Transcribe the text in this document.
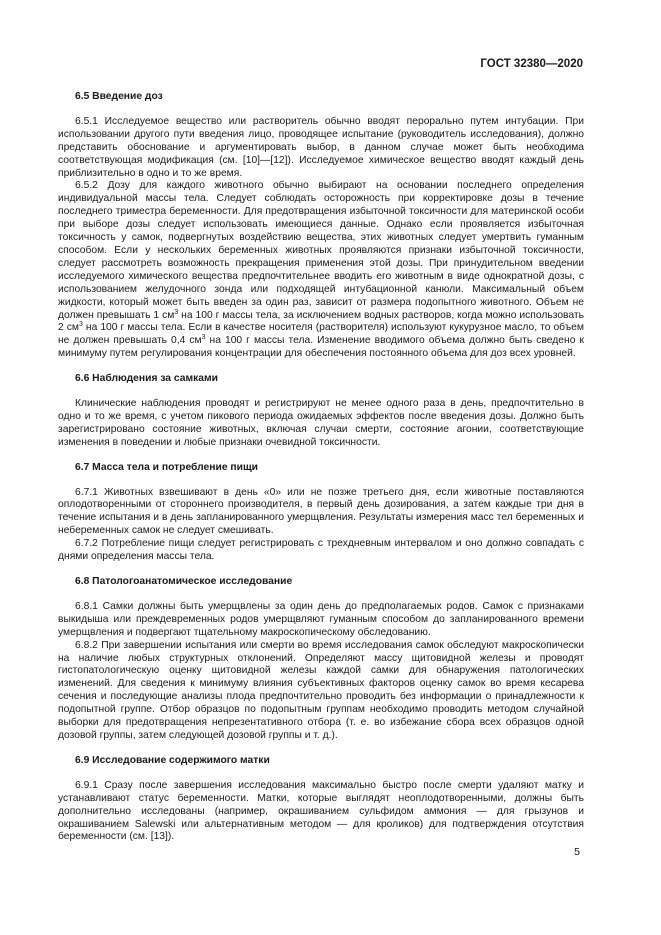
ГОСТ 32380—2020
6.5 Введение доз

6.5.1 Исследуемое вещество или растворитель обычно вводят перорально путем интубации. При использовании другого пути введения лицо, проводящее испытание (руководитель исследования), должно представить обоснование и аргументировать выбор, в данном случае может быть необходима соответствующая модификация (см. [10]—[12]). Исследуемое химическое вещество вводят каждый день приблизительно в одно и то же время.

6.5.2 Дозу для каждого животного обычно выбирают на основании последнего определения индивидуальной массы тела. Следует соблюдать осторожность при корректировке дозы в течение последнего триместра беременности. Для предотвращения избыточной токсичности для материнской особи при выборе дозы следует использовать имеющиеся данные. Однако если проявляется избыточная токсичность у самок, подвергнутых воздействию вещества, этих животных следует умертвить гуманным способом. Если у нескольких беременных животных проявляются признаки избыточной токсичности, следует рассмотреть возможность прекращения применения этой дозы. При принудительном введении исследуемого химического вещества предпочтительнее вводить его животным в виде однократной дозы, с использованием желудочного зонда или подходящей интубационной канюли. Максимальный объем жидкости, который может быть введен за один раз, зависит от размера подопытного животного. Объем не должен превышать 1 $см^3$ на 100 г массы тела, за исключением водных растворов, когда можно использовать 2 $см^3$ на 100 г массы тела. Если в качестве носителя (растворителя) используют кукурузное масло, то объем не должен превышать 0,4 $см^3$ на 100 г массы тела. Изменение вводимого объема должно быть сведено к минимуму путем регулирования концентрации для обеспечения постоянного объема для доз всех уровней.

6.6 Наблюдения за самками

Клинические наблюдения проводят и регистрируют не менее одного раза в день, предпочтительно в одно и то же время, с учетом пикового периода ожидаемых эффектов после введения дозы. Должно быть зарегистрировано состояние животных, включая случаи смерти, состояние агонии, соответствующие изменения в поведении и любые признаки очевидной токсичности.

6.7 Масса тела и потребление пищи

6.7.1 Животных взвешивают в день «0» или не позже третьего дня, если животные поставляются оплодотворенными от стороннего производителя, в первый день дозирования, а затем каждые три дня в течение испытания и в день запланированного умерщвления. Результаты измерения масс тел беременных и небеременных самок не следует смешивать.

6.7.2 Потребление пищи следует регистрировать с трехдневным интервалом и оно должно совпадать с днями определения массы тела.

6.8 Патологоанатомическое исследование

6.8.1 Самки должны быть умерщвлены за один день до предполагаемых родов. Самок с признаками выкидыша или преждевременных родов умерщвляют гуманным способом до запланированного времени умерщвления и подвергают тщательному макроскопическому обследованию.

6.8.2 При завершении испытания или смерти во время исследования самок обследуют макроскопически на наличие любых структурных отклонений. Определяют массу щитовидной железы и проводят гистопатологическую оценку щитовидной железы каждой самки для обнаружения патологических изменений. Для сведения к минимуму влияния субъективных факторов оценку самок во время кесарева сечения и последующие анализы плода предпочтительно проводить без информации о принадлежности к подопытной группе. Отбор образцов по подопытным группам необходимо проводить методом случайной выборки для предотвращения непрезентативного отбора (т. е. во избежание сбора всех образцов одной дозовой группы, затем следующей дозовой группы и т. д.).

6.9 Исследование содержимого матки

6.9.1 Сразу после завершения исследования максимально быстро после смерти удаляют матку и устанавливают статус беременности. Матки, которые выглядят неоплодотворенными, должны быть дополнительно исследованы (например, окрашиванием сульфидом аммония — для грызунов и окрашиванием Salewski или альтернативным методом — для кроликов) для подтверждения отсутствия беременности (см. [13]).

5
